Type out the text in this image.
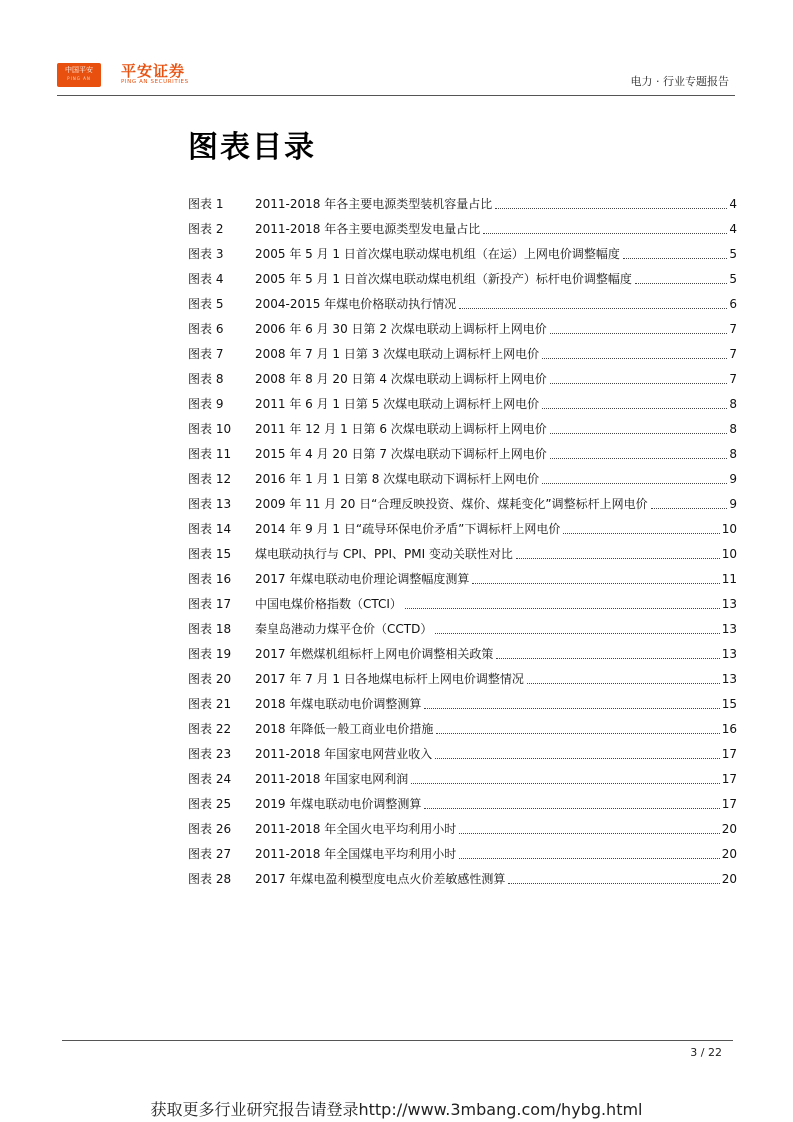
中国平安
PING AN	平安证券
PING AN SECURITIES	电力 · 行业专题报告
图表目录
图表 1	2011-2018 年各主要电源类型装机容量占比	4
图表 2	2011-2018 年各主要电源类型发电量占比	4
图表 3	2005 年 5 月 1 日首次煤电联动煤电机组（在运）上网电价调整幅度	5
图表 4	2005 年 5 月 1 日首次煤电联动煤电机组（新投产）标杆电价调整幅度	5
图表 5	2004-2015 年煤电价格联动执行情况	6
图表 6	2006 年 6 月 30 日第 2 次煤电联动上调标杆上网电价	7
图表 7	2008 年 7 月 1 日第 3 次煤电联动上调标杆上网电价	7
图表 8	2008 年 8 月 20 日第 4 次煤电联动上调标杆上网电价	7
图表 9	2011 年 6 月 1 日第 5 次煤电联动上调标杆上网电价	8
图表 10	2011 年 12 月 1 日第 6 次煤电联动上调标杆上网电价	8
图表 11	2015 年 4 月 20 日第 7 次煤电联动下调标杆上网电价	8
图表 12	2016 年 1 月 1 日第 8 次煤电联动下调标杆上网电价	9
图表 13	2009 年 11 月 20 日“合理反映投资、煤价、煤耗变化”调整标杆上网电价	9
图表 14	2014 年 9 月 1 日“疏导环保电价矛盾”下调标杆上网电价	10
图表 15	煤电联动执行与 CPI、PPI、PMI 变动关联性对比	10
图表 16	2017 年煤电联动电价理论调整幅度测算	11
图表 17	中国电煤价格指数（CTCI）	13
图表 18	秦皇岛港动力煤平仓价（CCTD）	13
图表 19	2017 年燃煤机组标杆上网电价调整相关政策	13
图表 20	2017 年 7 月 1 日各地煤电标杆上网电价调整情况	13
图表 21	2018 年煤电联动电价调整测算	15
图表 22	2018 年降低一般工商业电价措施	16
图表 23	2011-2018 年国家电网营业收入	17
图表 24	2011-2018 年国家电网利润	17
图表 25	2019 年煤电联动电价调整测算	17
图表 26	2011-2018 年全国火电平均利用小时	20
图表 27	2011-2018 年全国煤电平均利用小时	20
图表 28	2017 年煤电盈利模型度电点火价差敏感性测算	20
3 / 22
获取更多行业研究报告请登录http://www.3mbang.com/hybg.html
